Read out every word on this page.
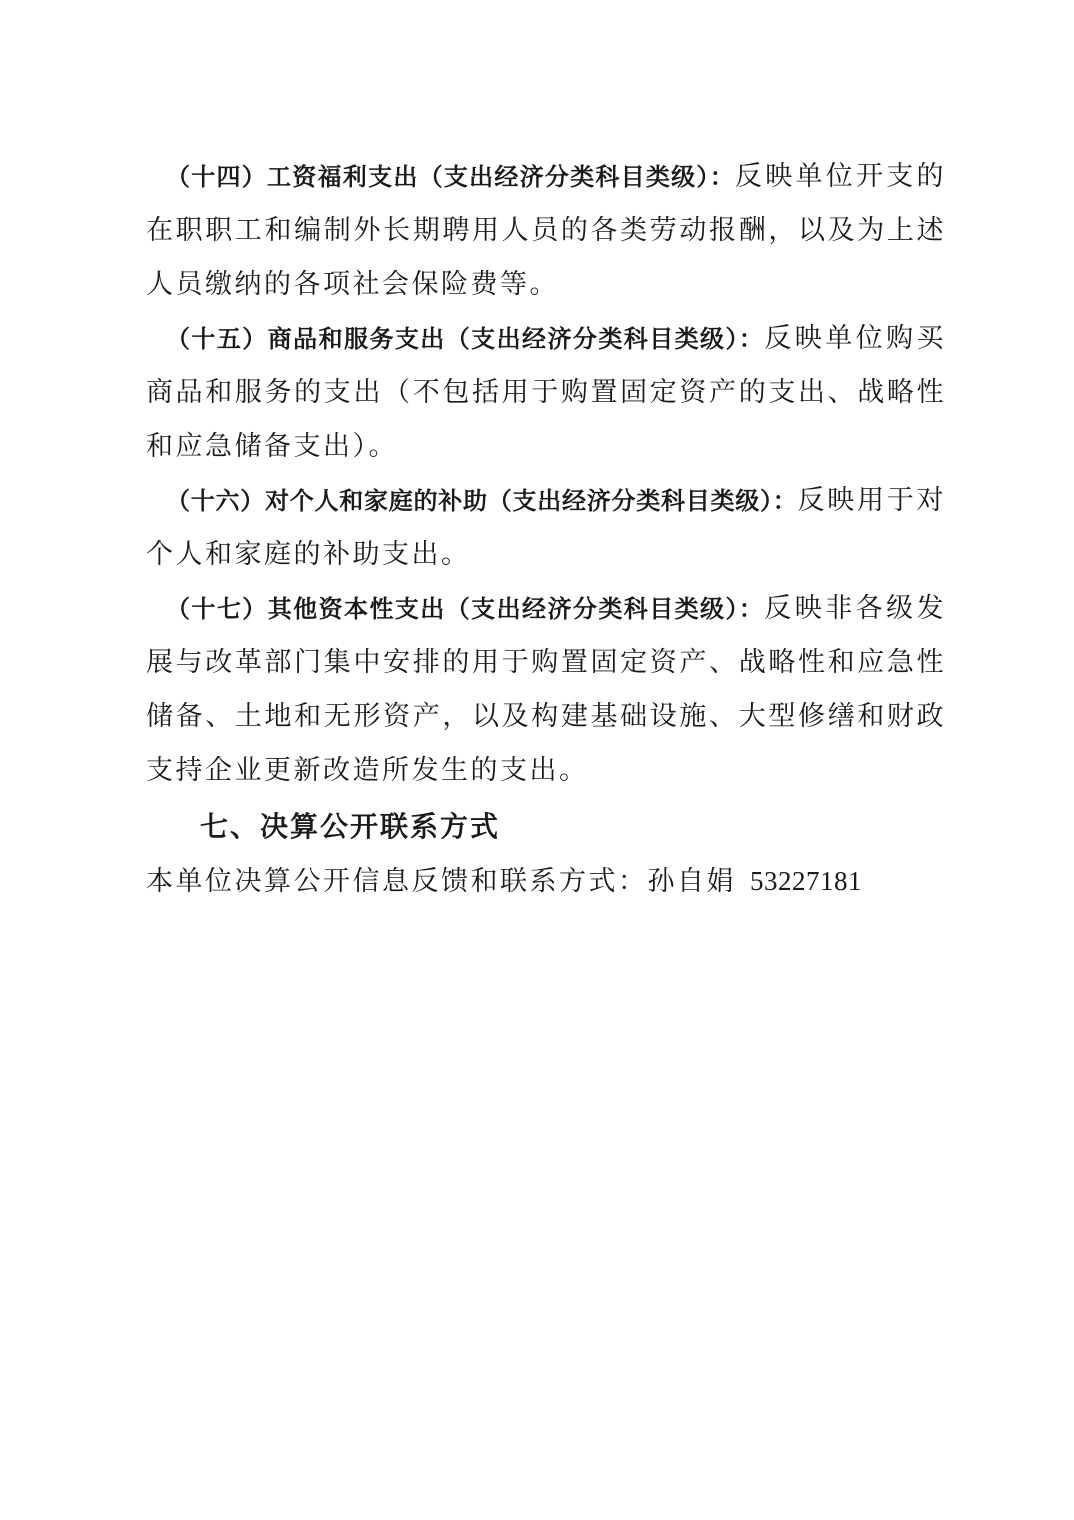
（十四）工资福利支出（支出经济分类科目类级）：反映单位开支的在职职工和编制外长期聘用人员的各类劳动报酬，以及为上述人员缴纳的各项社会保险费等。

（十五）商品和服务支出（支出经济分类科目类级）：反映单位购买商品和服务的支出（不包括用于购置固定资产的支出、战略性和应急储备支出）。

（十六）对个人和家庭的补助（支出经济分类科目类级）：反映用于对个人和家庭的补助支出。

（十七）其他资本性支出（支出经济分类科目类级）：反映非各级发展与改革部门集中安排的用于购置固定资产、战略性和应急性储备、土地和无形资产，以及构建基础设施、大型修缮和财政支持企业更新改造所发生的支出。

七、决算公开联系方式

本单位决算公开信息反馈和联系方式：孙自娟 53227181
